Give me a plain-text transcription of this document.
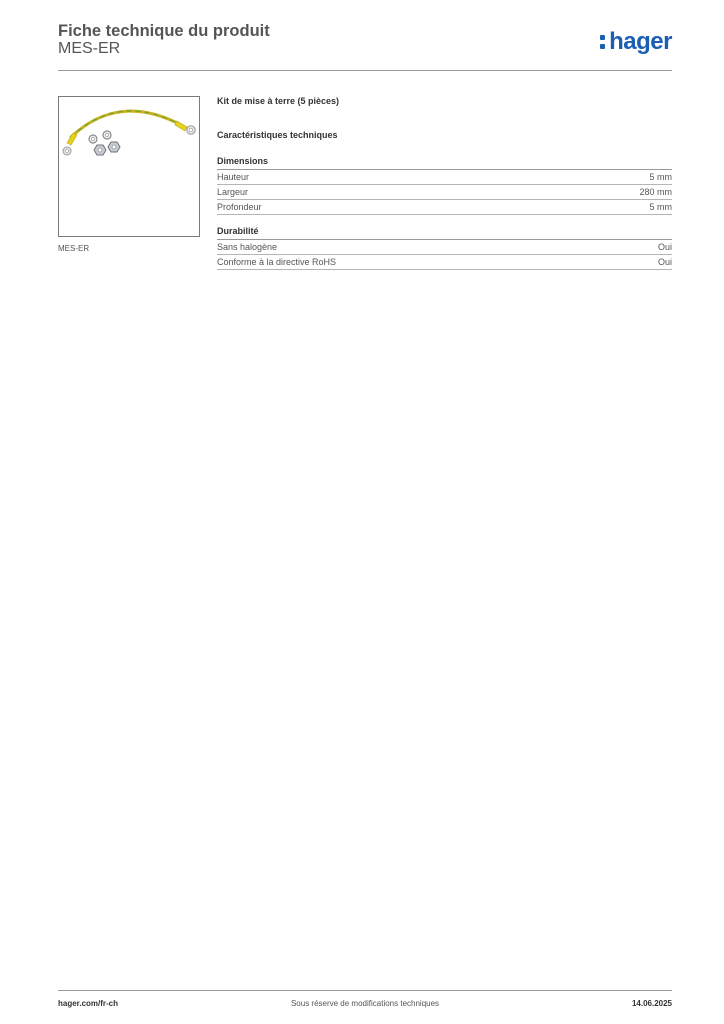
Fiche technique du produit
MES-ER	hager
MES-ER
Kit de mise à terre (5 pièces)
Caractéristiques techniques
Dimensions
Hauteur	5 mm
Largeur	280 mm
Profondeur	5 mm
Durabilité
Sans halogène	Oui
Conforme à la directive RoHS	Oui
hager.com/fr-ch	Sous réserve de modifications techniques	14.06.2025
